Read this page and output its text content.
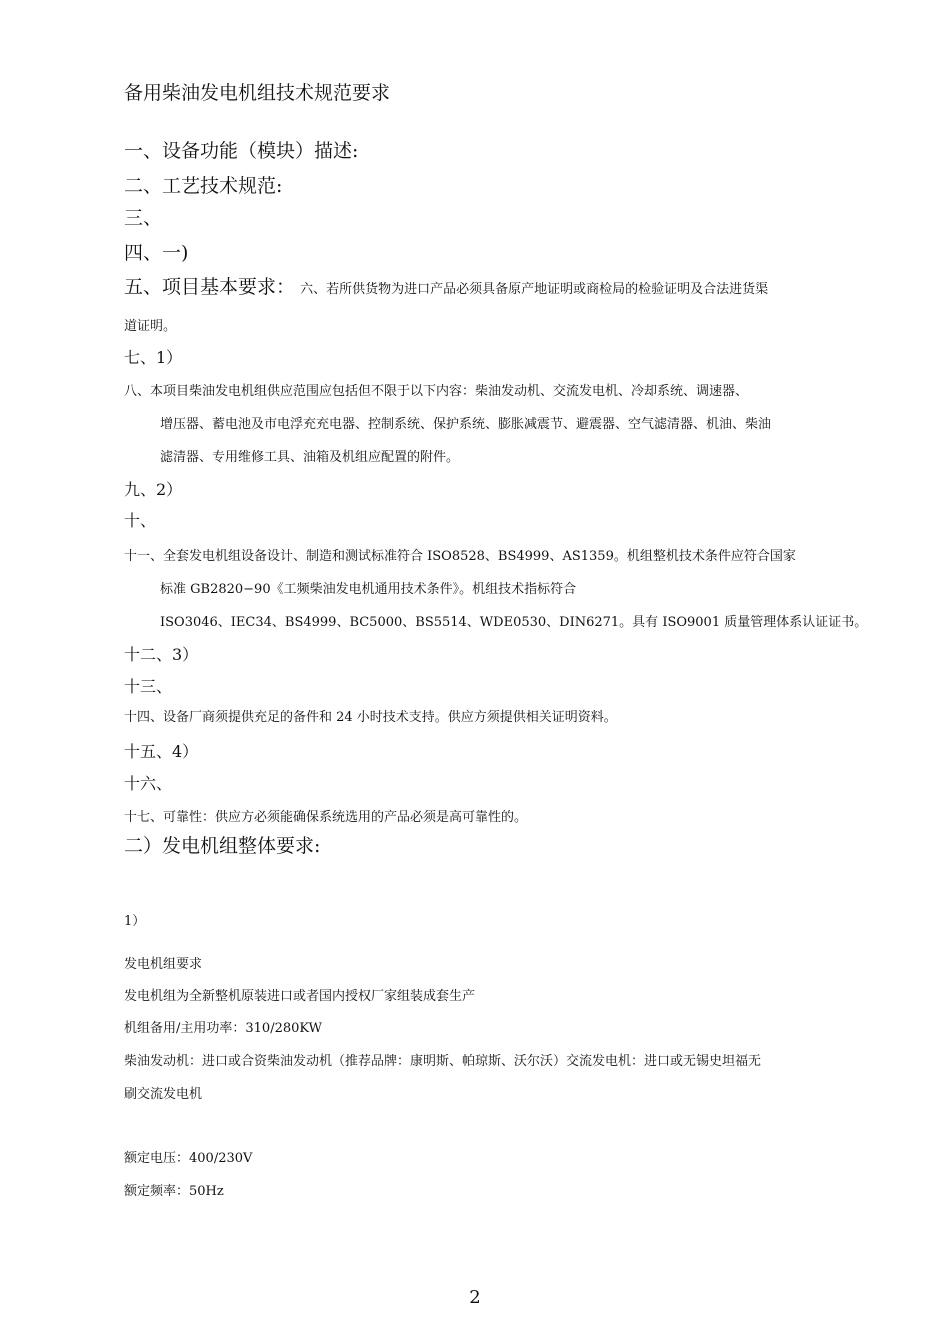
备用柴油发电机组技术规范要求
一、设备功能（模块）描述:
二、工艺技术规范:
三、
四、一)
五、项目基本要求： 六、若所供货物为进口产品必须具备原产地证明或商检局的检验证明及合法进货渠
道证明。
七、1）
八、本项目柴油发电机组供应范围应包括但不限于以下内容：柴油发动机、交流发电机、冷却系统、调速器、
增压器、蓄电池及市电浮充充电器、控制系统、保护系统、膨胀减震节、避震器、空气滤清器、机油、柴油
滤清器、专用维修工具、油箱及机组应配置的附件。
九、2）
十、
十一、全套发电机组设备设计、制造和测试标准符合 ISO8528、BS4999、AS1359。机组整机技术条件应符合国家
标准 GB2820−90《工频柴油发电机通用技术条件》。机组技术指标符合
ISO3046、IEC34、BS4999、BC5000、BS5514、WDE0530、DIN6271。具有 ISO9001 质量管理体系认证证书。
十二、3）
十三、
十四、设备厂商须提供充足的备件和 24 小时技术支持。供应方须提供相关证明资料。
十五、4）
十六、
十七、可靠性：供应方必须能确保系统选用的产品必须是高可靠性的。
二）发电机组整体要求:
1）
发电机组要求
发电机组为全新整机原装进口或者国内授权厂家组装成套生产
机组备用/主用功率：310/280KW
柴油发动机：进口或合资柴油发动机（推荐品牌：康明斯、帕琼斯、沃尔沃）交流发电机：进口或无锡史坦福无
刷交流发电机
额定电压：400/230V
额定频率：50Hz
2
